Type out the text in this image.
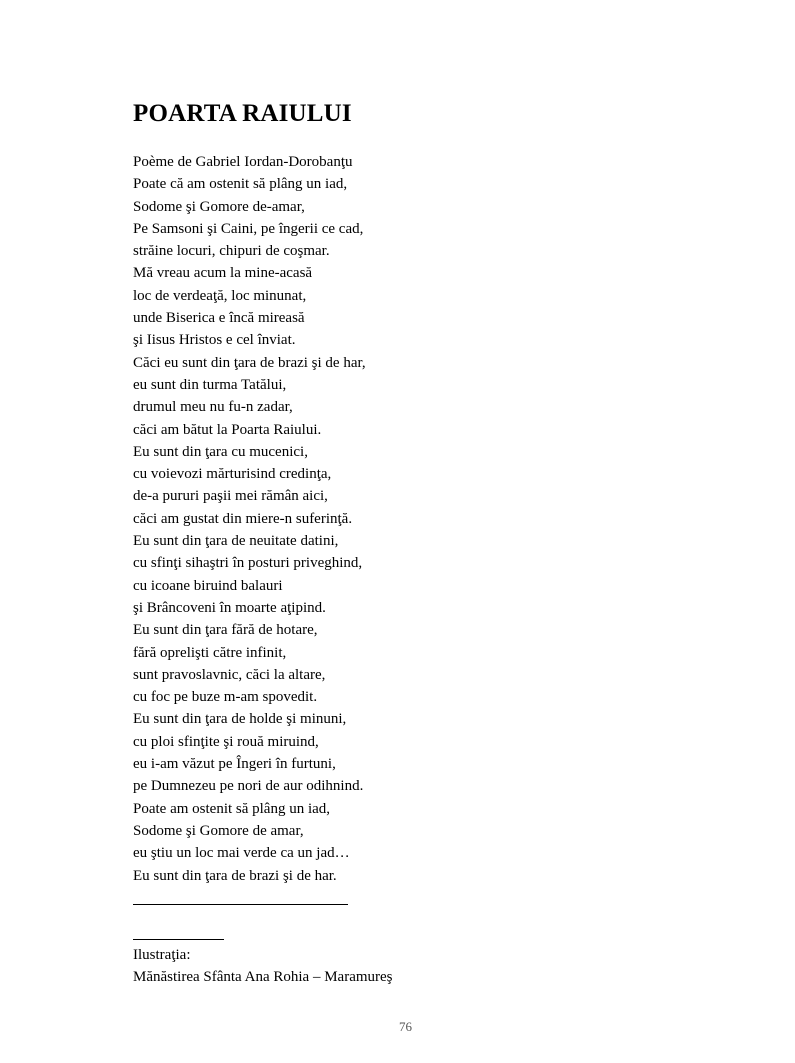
POARTA RAIULUI
Poème de Gabriel Iordan-Dorobanţu
Poate că am ostenit să plâng un iad,
Sodome şi Gomore de-amar,
Pe Samsoni şi Caini, pe îngerii ce cad,
străine locuri, chipuri de coşmar.
Mă vreau acum la mine-acasă
loc de verdeaţă, loc minunat,
unde Biserica e încă mireasă
şi Iisus Hristos e cel înviat.
Căci eu sunt din ţara de brazi şi de har,
eu sunt din turma Tatălui,
drumul meu nu fu-n zadar,
căci am bătut la Poarta Raiului.
Eu sunt din ţara cu mucenici,
cu voievozi mărturisind credinţa,
de-a pururi paşii mei rămân aici,
căci am gustat din miere-n suferinţă.
Eu sunt din ţara de neuitate datini,
cu sfinţi sihaştri în posturi priveghind,
cu icoane biruind balauri
şi Brâncoveni în moarte aţipind.
Eu sunt din ţara fără de hotare,
fără oprelişti către infinit,
sunt pravoslavnic, căci la altare,
cu foc pe buze m-am spovedit.
Eu sunt din ţara de holde şi minuni,
cu ploi sfinţite şi rouă miruind,
eu i-am văzut pe Îngeri în furtuni,
pe Dumnezeu pe nori de aur odihnind.
Poate am ostenit să plâng un iad,
Sodome şi Gomore de amar,
eu ştiu un loc mai verde ca un jad…
Eu sunt din ţara de brazi şi de har.
Ilustraţia:
Mănăstirea Sfânta Ana Rohia – Maramureş
76
